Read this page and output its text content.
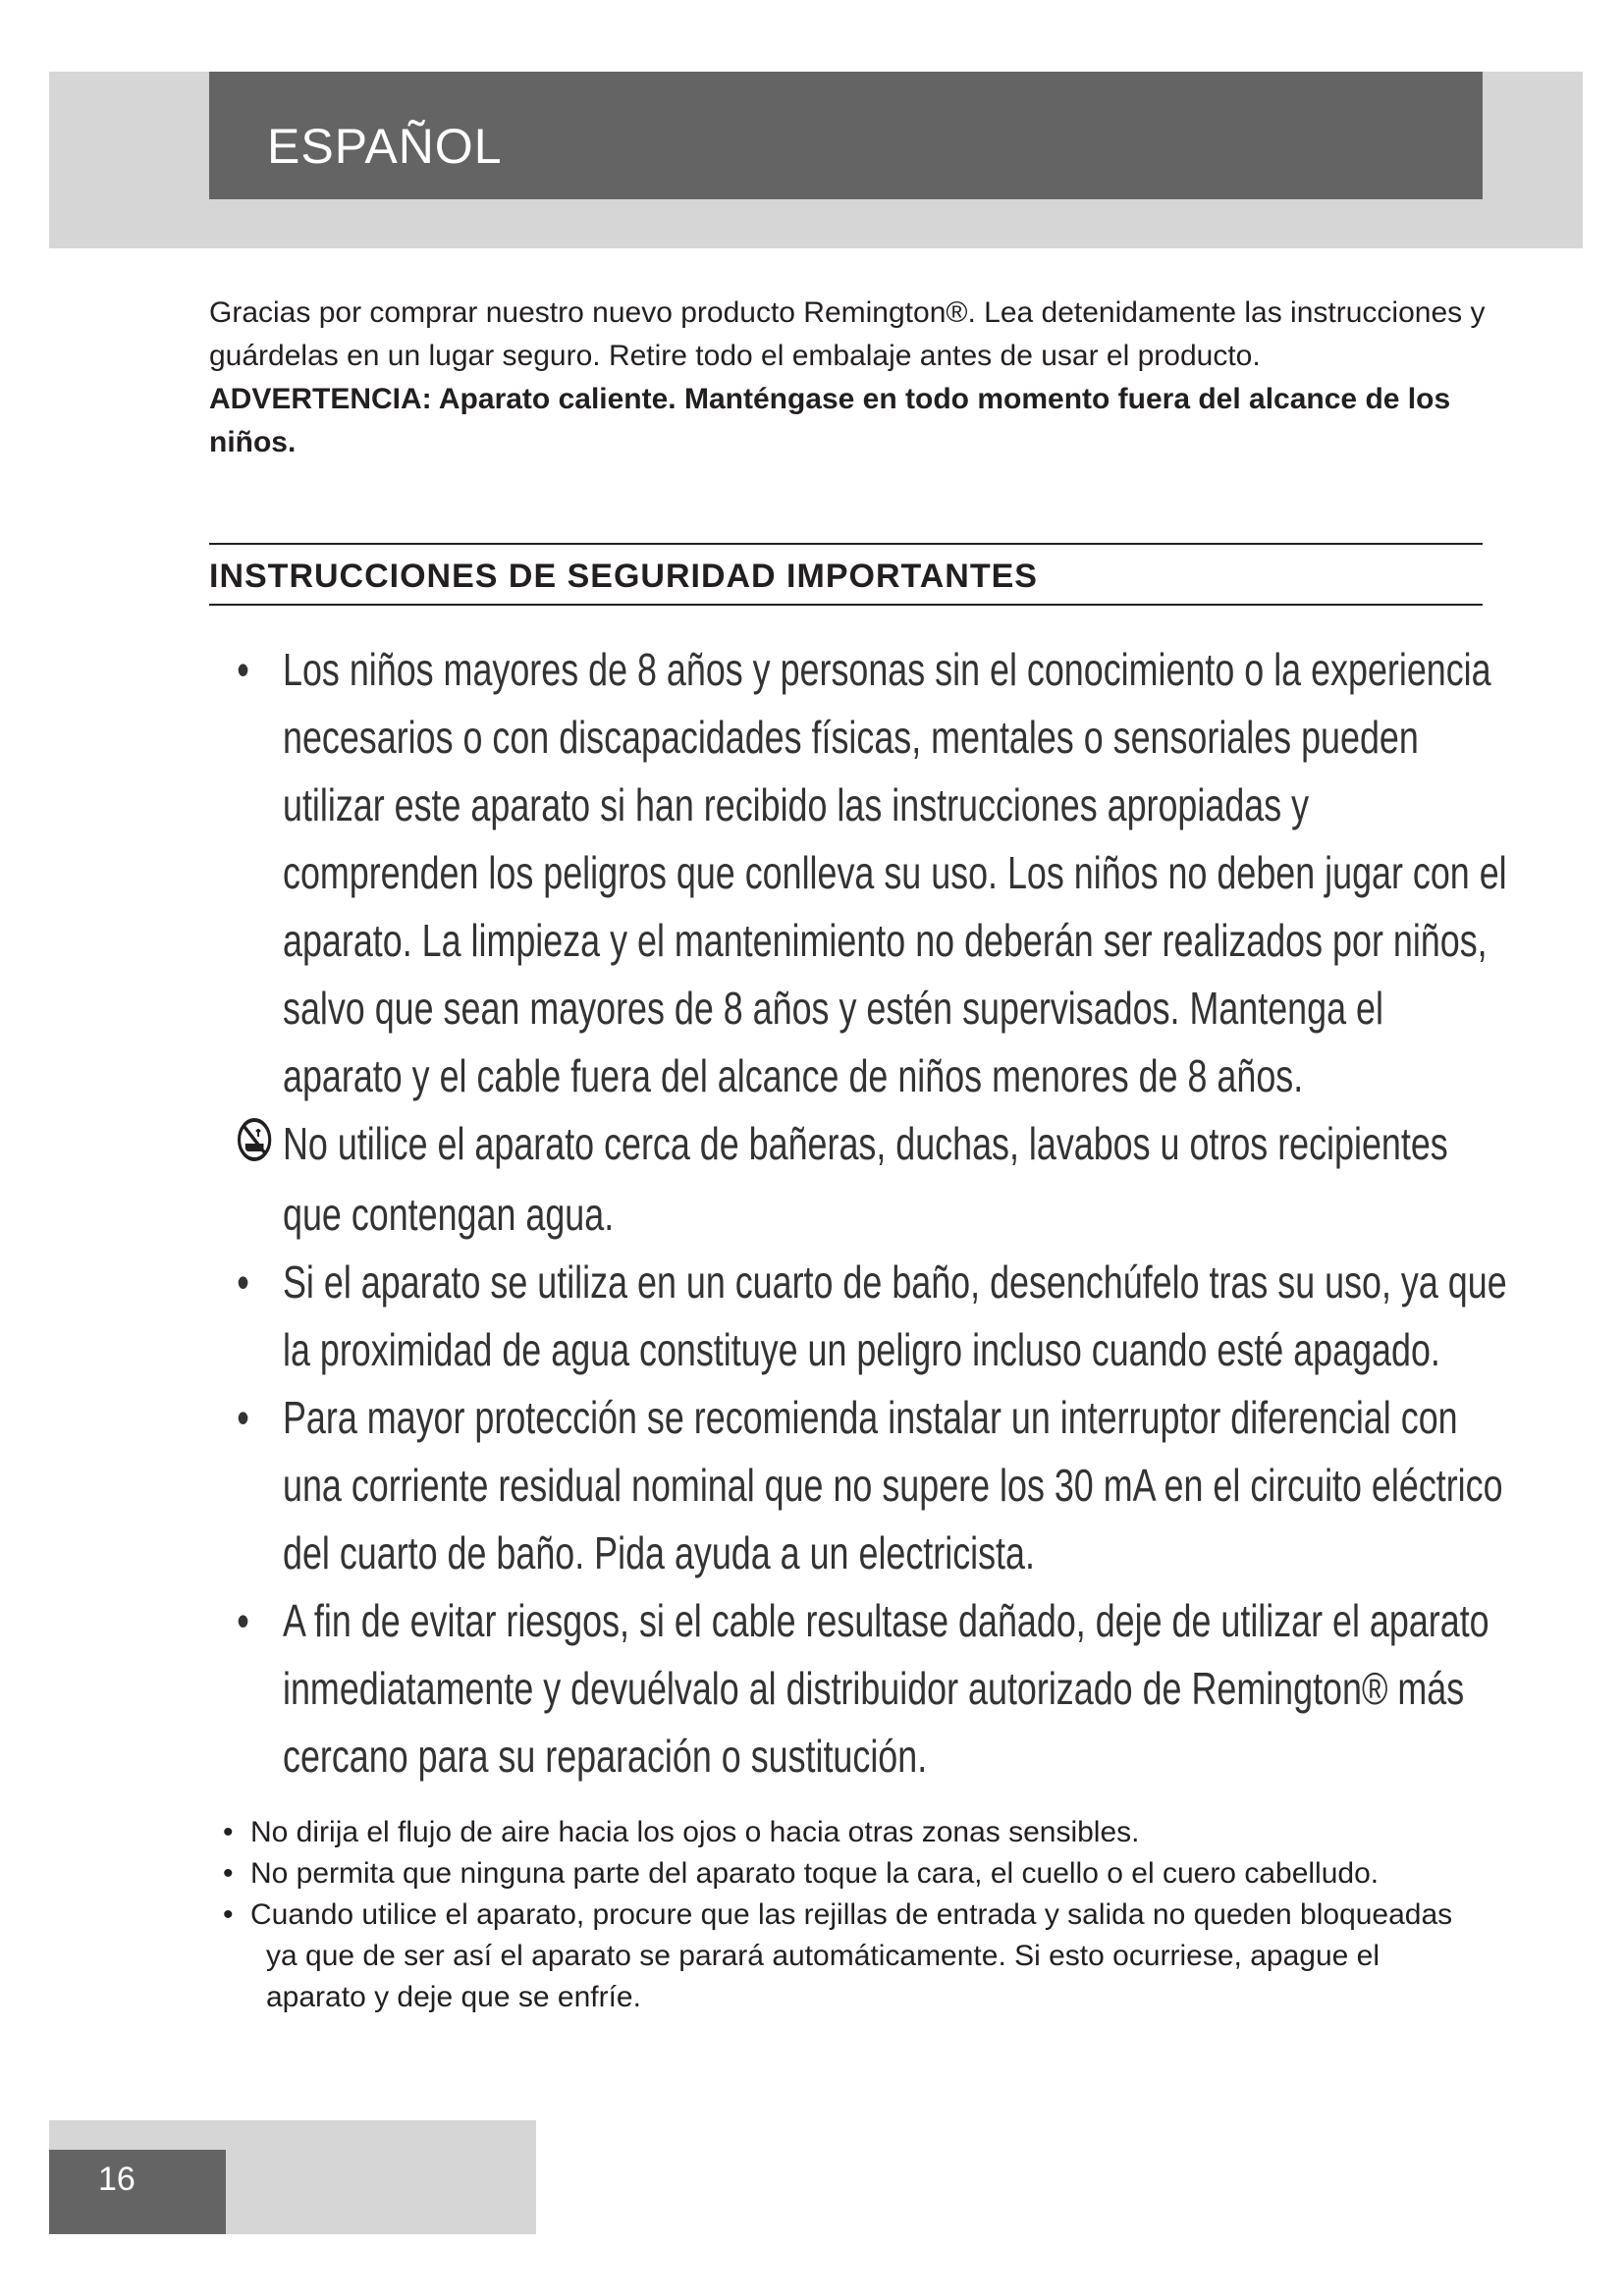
ESPAÑOL

Gracias por comprar nuestro nuevo producto Remington®. Lea detenidamente las instrucciones y guárdelas en un lugar seguro. Retire todo el embalaje antes de usar el producto.

ADVERTENCIA: Aparato caliente. Manténgase en todo momento fuera del alcance de los niños.

INSTRUCCIONES DE SEGURIDAD IMPORTANTES
• Los niños mayores de 8 años y personas sin el conocimiento o la experiencia necesarios o con discapacidades físicas, mentales o sensoriales pueden utilizar este aparato si han recibido las instrucciones apropiadas y comprenden los peligros que conlleva su uso. Los niños no deben jugar con el aparato. La limpieza y el mantenimiento no deberán ser realizados por niños, salvo que sean mayores de 8 años y estén supervisados. Mantenga el aparato y el cable fuera del alcance de niños menores de 8 años.
No utilice el aparato cerca de bañeras, duchas, lavabos u otros recipientes que contengan agua.
• Si el aparato se utiliza en un cuarto de baño, desenchúfelo tras su uso, ya que la proximidad de agua constituye un peligro incluso cuando esté apagado.
• Para mayor protección se recomienda instalar un interruptor diferencial con una corriente residual nominal que no supere los 30 mA en el circuito eléctrico del cuarto de baño. Pida ayuda a un electricista.
• A fin de evitar riesgos, si el cable resultase dañado, deje de utilizar el aparato inmediatamente y devuélvalo al distribuidor autorizado de Remington® más cercano para su reparación o sustitución.
• No dirija el flujo de aire hacia los ojos o hacia otras zonas sensibles.
• No permita que ninguna parte del aparato toque la cara, el cuello o el cuero cabelludo.
• Cuando utilice el aparato, procure que las rejillas de entrada y salida no queden bloqueadas ya que de ser así el aparato se parará automáticamente. Si esto ocurriese, apague el aparato y deje que se enfríe.
16
